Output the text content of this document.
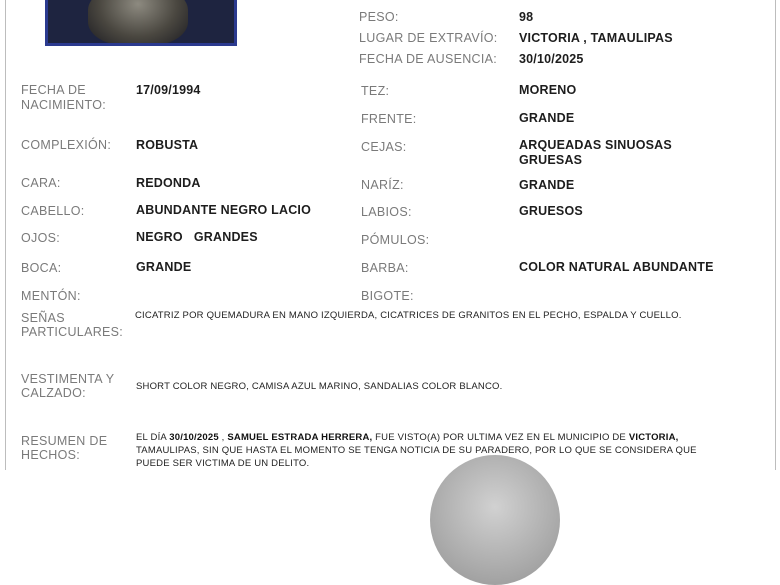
PESO:	98
LUGAR DE EXTRAVÍO: VICTORIA , TAMAULIPAS
FECHA DE AUSENCIA: 30/10/2025
FECHA DE
NACIMIENTO:
17/09/1994
COMPLEXIÓN: ROBUSTA
CARA:	REDONDA
CABELLO:	ABUNDANTE NEGRO LACIO
OJOS:	NEGRO   GRANDES
BOCA:	GRANDE
MENTÓN:
TEZ:	MORENO
FRENTE:	GRANDE
CEJAS:	ARQUEADAS SINUOSAS
GRUESAS
NARÍZ:	GRANDE
LABIOS:	GRUESOS
PÓMULOS:
BARBA:	COLOR NATURAL ABUNDANTE
BIGOTE:
SEÑAS
PARTICULARES:
CICATRIZ POR QUEMADURA EN MANO IZQUIERDA, CICATRICES DE GRANITOS EN EL PECHO, ESPALDA Y CUELLO.
VESTIMENTA Y
CALZADO:	SHORT COLOR NEGRO, CAMISA AZUL MARINO, SANDALIAS COLOR BLANCO.
RESUMEN DE
HECHOS:
EL DÍA 30/10/2025 , SAMUEL ESTRADA HERRERA, FUE VISTO(A) POR ULTIMA VEZ EN EL MUNICIPIO DE VICTORIA,
TAMAULIPAS, SIN QUE HASTA EL MOMENTO SE TENGA NOTICIA DE SU PARADERO, POR LO QUE SE CONSIDERA QUE
PUEDE SER VICTIMA DE UN DELITO.
